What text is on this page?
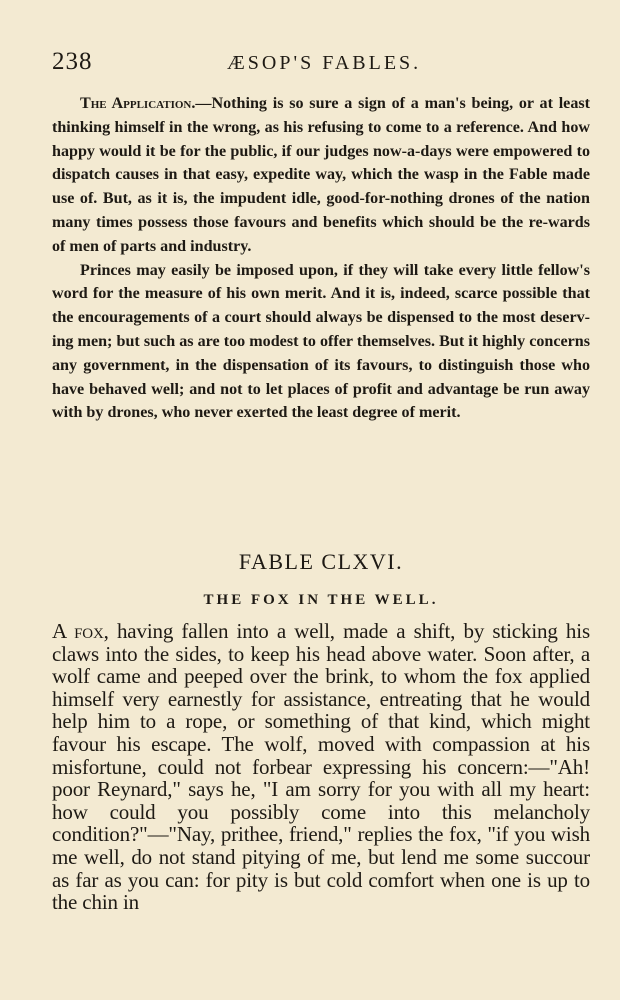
238	ÆSOP'S FABLES.

The Application.—Nothing is so sure a sign of a man's being, or at least thinking himself in the wrong, as his refusing to come to a reference. And how happy would it be for the public, if our judges now-a-days were empowered to dispatch causes in that easy, expedite way, which the wasp in the Fable made use of. But, as it is, the impudent idle, good-for-nothing drones of the nation many times possess those favours and benefits which should be the re-wards of men of parts and industry.

Princes may easily be imposed upon, if they will take every little fellow's word for the measure of his own merit. And it is, indeed, scarce possible that the encouragements of a court should always be dispensed to the most deserv-ing men; but such as are too modest to offer themselves. But it highly concerns any government, in the dispensation of its favours, to distinguish those who have behaved well; and not to let places of profit and advantage be run away with by drones, who never exerted the least degree of merit.

FABLE CLXVI.
THE FOX IN THE WELL.

A fox, having fallen into a well, made a shift, by sticking his claws into the sides, to keep his head above water. Soon after, a wolf came and peeped over the brink, to whom the fox applied himself very earnestly for assistance, entreating that he would help him to a rope, or something of that kind, which might favour his escape. The wolf, moved with compassion at his misfortune, could not forbear expressing his concern:—"Ah! poor Reynard," says he, "I am sorry for you with all my heart: how could you possibly come into this melancholy condition?"—"Nay, prithee, friend," replies the fox, "if you wish me well, do not stand pitying of me, but lend me some succour as far as you can: for pity is but cold comfort when one is up to the chin in
